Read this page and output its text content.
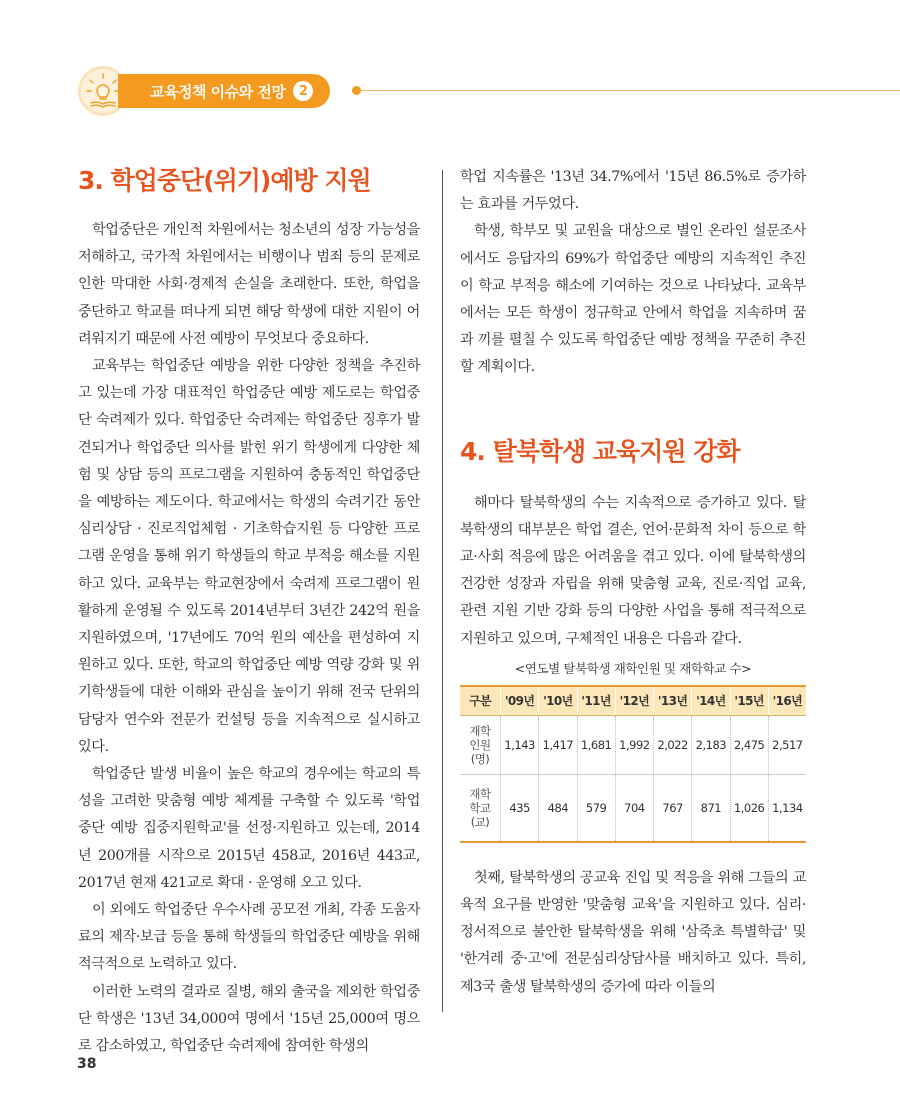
교육정책 이슈와 전망	2
3. 학업중단(위기)예방 지원

학업중단은 개인적 차원에서는 청소년의 성장 가능성을 저해하고, 국가적 차원에서는 비행이나 범죄 등의 문제로 인한 막대한 사회·경제적 손실을 초래한다. 또한, 학업을 중단하고 학교를 떠나게 되면 해당 학생에 대한 지원이 어려워지기 때문에 사전 예방이 무엇보다 중요하다.

교육부는 학업중단 예방을 위한 다양한 정책을 추진하고 있는데 가장 대표적인 학업중단 예방 제도로는 학업중단 숙려제가 있다. 학업중단 숙려제는 학업중단 징후가 발견되거나 학업중단 의사를 밝힌 위기 학생에게 다양한 체험 및 상담 등의 프로그램을 지원하여 충동적인 학업중단을 예방하는 제도이다. 학교에서는 학생의 숙려기간 동안 심리상담 · 진로직업체험 · 기초학습지원 등 다양한 프로그램 운영을 통해 위기 학생들의 학교 부적응 해소를 지원하고 있다. 교육부는 학교현장에서 숙려제 프로그램이 원활하게 운영될 수 있도록 2014년부터 3년간 242억 원을 지원하였으며, '17년에도 70억 원의 예산을 편성하여 지원하고 있다. 또한, 학교의 학업중단 예방 역량 강화 및 위기학생들에 대한 이해와 관심을 높이기 위해 전국 단위의 담당자 연수와 전문가 컨설팅 등을 지속적으로 실시하고 있다.

학업중단 발생 비율이 높은 학교의 경우에는 학교의 특성을 고려한 맞춤형 예방 체계를 구축할 수 있도록 '학업중단 예방 집중지원학교'를 선정·지원하고 있는데, 2014년 200개를 시작으로 2015년 458교, 2016년 443교, 2017년 현재 421교로 확대 · 운영해 오고 있다.

이 외에도 학업중단 우수사례 공모전 개최, 각종 도움자료의 제작·보급 등을 통해 학생들의 학업중단 예방을 위해 적극적으로 노력하고 있다.

이러한 노력의 결과로 질병, 해외 출국을 제외한 학업중단 학생은 '13년 34,000여 명에서 '15년 25,000여 명으로 감소하였고, 학업중단 숙려제에 참여한 학생의

학업 지속률은 '13년 34.7%에서 '15년 86.5%로 증가하는 효과를 거두었다.

학생, 학부모 및 교원을 대상으로 별인 온라인 설문조사에서도 응답자의 69%가 학업중단 예방의 지속적인 추진이 학교 부적응 해소에 기여하는 것으로 나타났다. 교육부에서는 모든 학생이 정규학교 안에서 학업을 지속하며 꿈과 끼를 펼칠 수 있도록 학업중단 예방 정책을 꾸준히 추진할 계획이다.

4. 탈북학생 교육지원 강화

해마다 탈북학생의 수는 지속적으로 증가하고 있다. 탈북학생의 대부분은 학업 결손, 언어·문화적 차이 등으로 학교·사회 적응에 많은 어려움을 겪고 있다. 이에 탈북학생의 건강한 성장과 자립을 위해 맞춤형 교육, 진로·직업 교육, 관련 지원 기반 강화 등의 다양한 사업을 통해 적극적으로 지원하고 있으며, 구체적인 내용은 다음과 같다.

<연도별 탈북학생 재학인원 및 재학학교 수>

구분	'09년	'10년	'11년	'12년	'13년	'14년	'15년	'16년
재학
인원
(명)	1,143	1,417	1,681	1,992	2,022	2,183	2,475	2,517
재학
학교
(교)	435	484	579	704	767	871	1,026	1,134

첫째, 탈북학생의 공교육 진입 및 적응을 위해 그들의 교육적 요구를 반영한 '맞춤형 교육'을 지원하고 있다. 심리·정서적으로 불안한 탈북학생을 위해 '삼죽초 특별학급' 및 '한겨레 중·고'에 전문심리상담사를 배치하고 있다. 특히, 제3국 출생 탈북학생의 증가에 따라 이들의

38
